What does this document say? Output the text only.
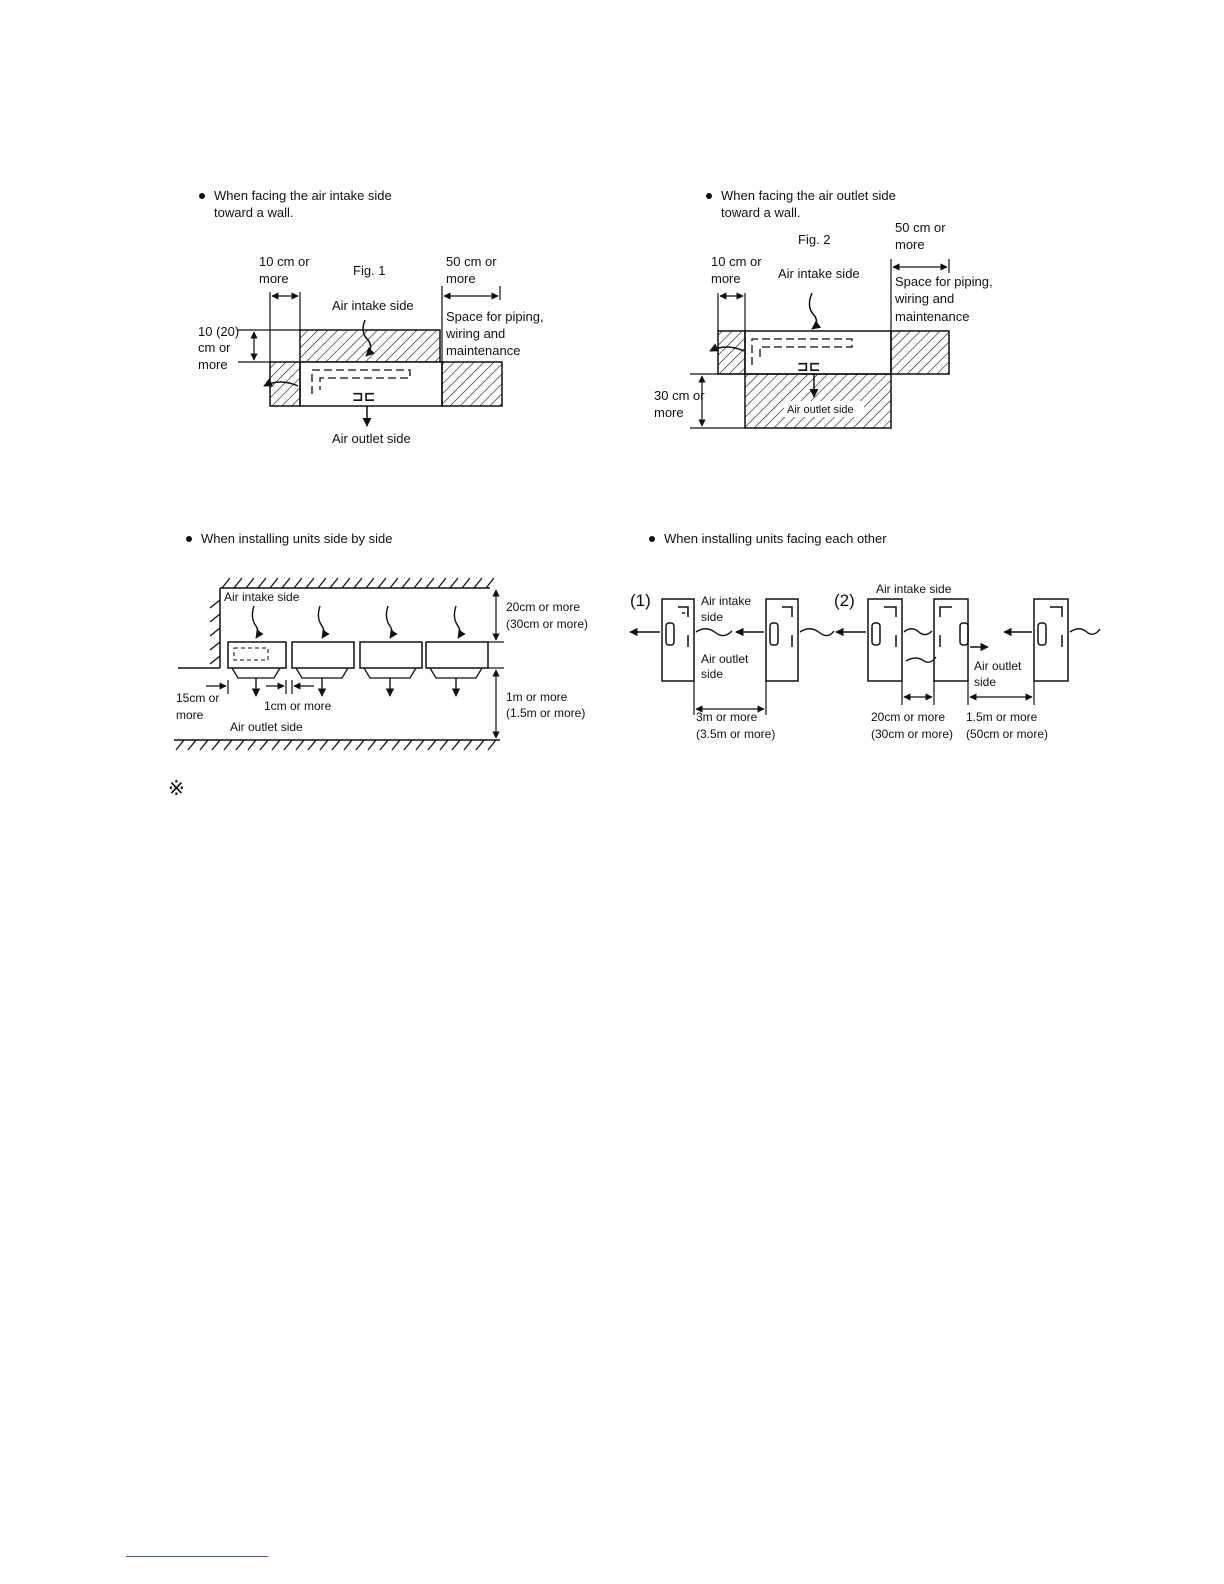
When facing the air intake side
toward a wall.
⊐⊏
10 cm or
more
Fig. 1
50 cm or
more
Air intake side
Space for piping,
wiring and
maintenance
10 (20)
cm or
more
Air outlet side
When facing the air outlet side
toward a wall.
Air outlet side
⊐⊏
50 cm or
more
Fig. 2
10 cm or
more	Air intake side
Space for piping,
wiring and
maintenance
30 cm or
more
When installing units side by side
Air intake side
20cm or more
(30cm or more)
15cm or
more
1cm or more
Air outlet side
1m or more
(1.5m or more)
When installing units facing each other
(1)	(2)
Air intake
side
Air outlet
side
3m or more
(3.5m or more)
Air intake side
Air outlet
side
20cm or more
(30cm or more)
1.5m or more
(50cm or more)
※
